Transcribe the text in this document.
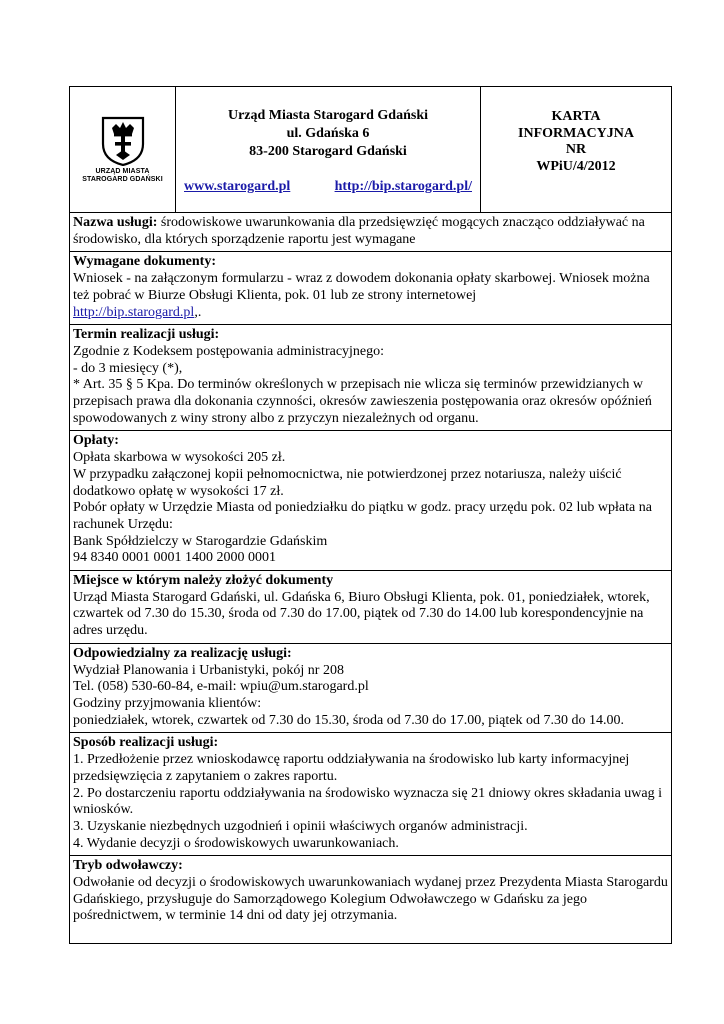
URZĄD MIASTA
STAROGARD GDAŃSKI
Urząd Miasta Starogard Gdański
ul. Gdańska 6
83-200 Starogard Gdański
www.starogard.pl	http://bip.starogard.pl/
KARTA
INFORMACYJNA
NR
WPiU/4/2012
Nazwa usługi: środowiskowe uwarunkowania dla przedsięwzięć mogących znacząco oddziaływać na środowisko, dla których sporządzenie raportu jest wymagane
Wymagane dokumenty:
Wniosek - na załączonym formularzu - wraz z dowodem dokonania opłaty skarbowej. Wniosek można też pobrać w Biurze Obsługi Klienta, pok. 01 lub ze strony internetowej
http://bip.starogard.pl,.
Termin realizacji usługi:
Zgodnie z Kodeksem postępowania administracyjnego:
- do 3 miesięcy (*),
* Art. 35 § 5 Kpa. Do terminów określonych w przepisach nie wlicza się terminów przewidzianych w przepisach prawa dla dokonania czynności, okresów zawieszenia postępowania oraz okresów opóźnień spowodowanych z winy strony albo z przyczyn niezależnych od organu.
Opłaty:
Opłata skarbowa w wysokości 205 zł.
W przypadku załączonej kopii pełnomocnictwa, nie potwierdzonej przez notariusza, należy uiścić dodatkowo opłatę w wysokości 17 zł.
Pobór opłaty w Urzędzie Miasta od poniedziałku do piątku w godz. pracy urzędu pok. 02 lub wpłata na rachunek Urzędu:
Bank Spółdzielczy w Starogardzie Gdańskim
94 8340 0001 0001 1400 2000 0001
Miejsce w którym należy złożyć dokumenty
Urząd Miasta Starogard Gdański, ul. Gdańska 6, Biuro Obsługi Klienta, pok. 01, poniedziałek, wtorek, czwartek od 7.30 do 15.30, środa od 7.30 do 17.00, piątek od 7.30 do 14.00 lub korespondencyjnie na adres urzędu.
Odpowiedzialny za realizację usługi:
Wydział Planowania i Urbanistyki, pokój nr 208
Tel. (058) 530-60-84, e-mail: wpiu@um.starogard.pl
Godziny przyjmowania klientów:
poniedziałek, wtorek, czwartek od 7.30 do 15.30, środa od 7.30 do 17.00, piątek od 7.30 do 14.00.
Sposób realizacji usługi:
1. Przedłożenie przez wnioskodawcę raportu oddziaływania na środowisko lub karty informacyjnej przedsięwzięcia z zapytaniem o zakres raportu.
2. Po dostarczeniu raportu oddziaływania na środowisko wyznacza się 21 dniowy okres składania uwag i wniosków.
3. Uzyskanie niezbędnych uzgodnień i opinii właściwych organów administracji.
4. Wydanie decyzji o środowiskowych uwarunkowaniach.
Tryb odwoławczy:
Odwołanie od decyzji o środowiskowych uwarunkowaniach wydanej przez Prezydenta Miasta Starogardu Gdańskiego, przysługuje do Samorządowego Kolegium Odwoławczego w Gdańsku za jego pośrednictwem, w terminie 14 dni od daty jej otrzymania.
